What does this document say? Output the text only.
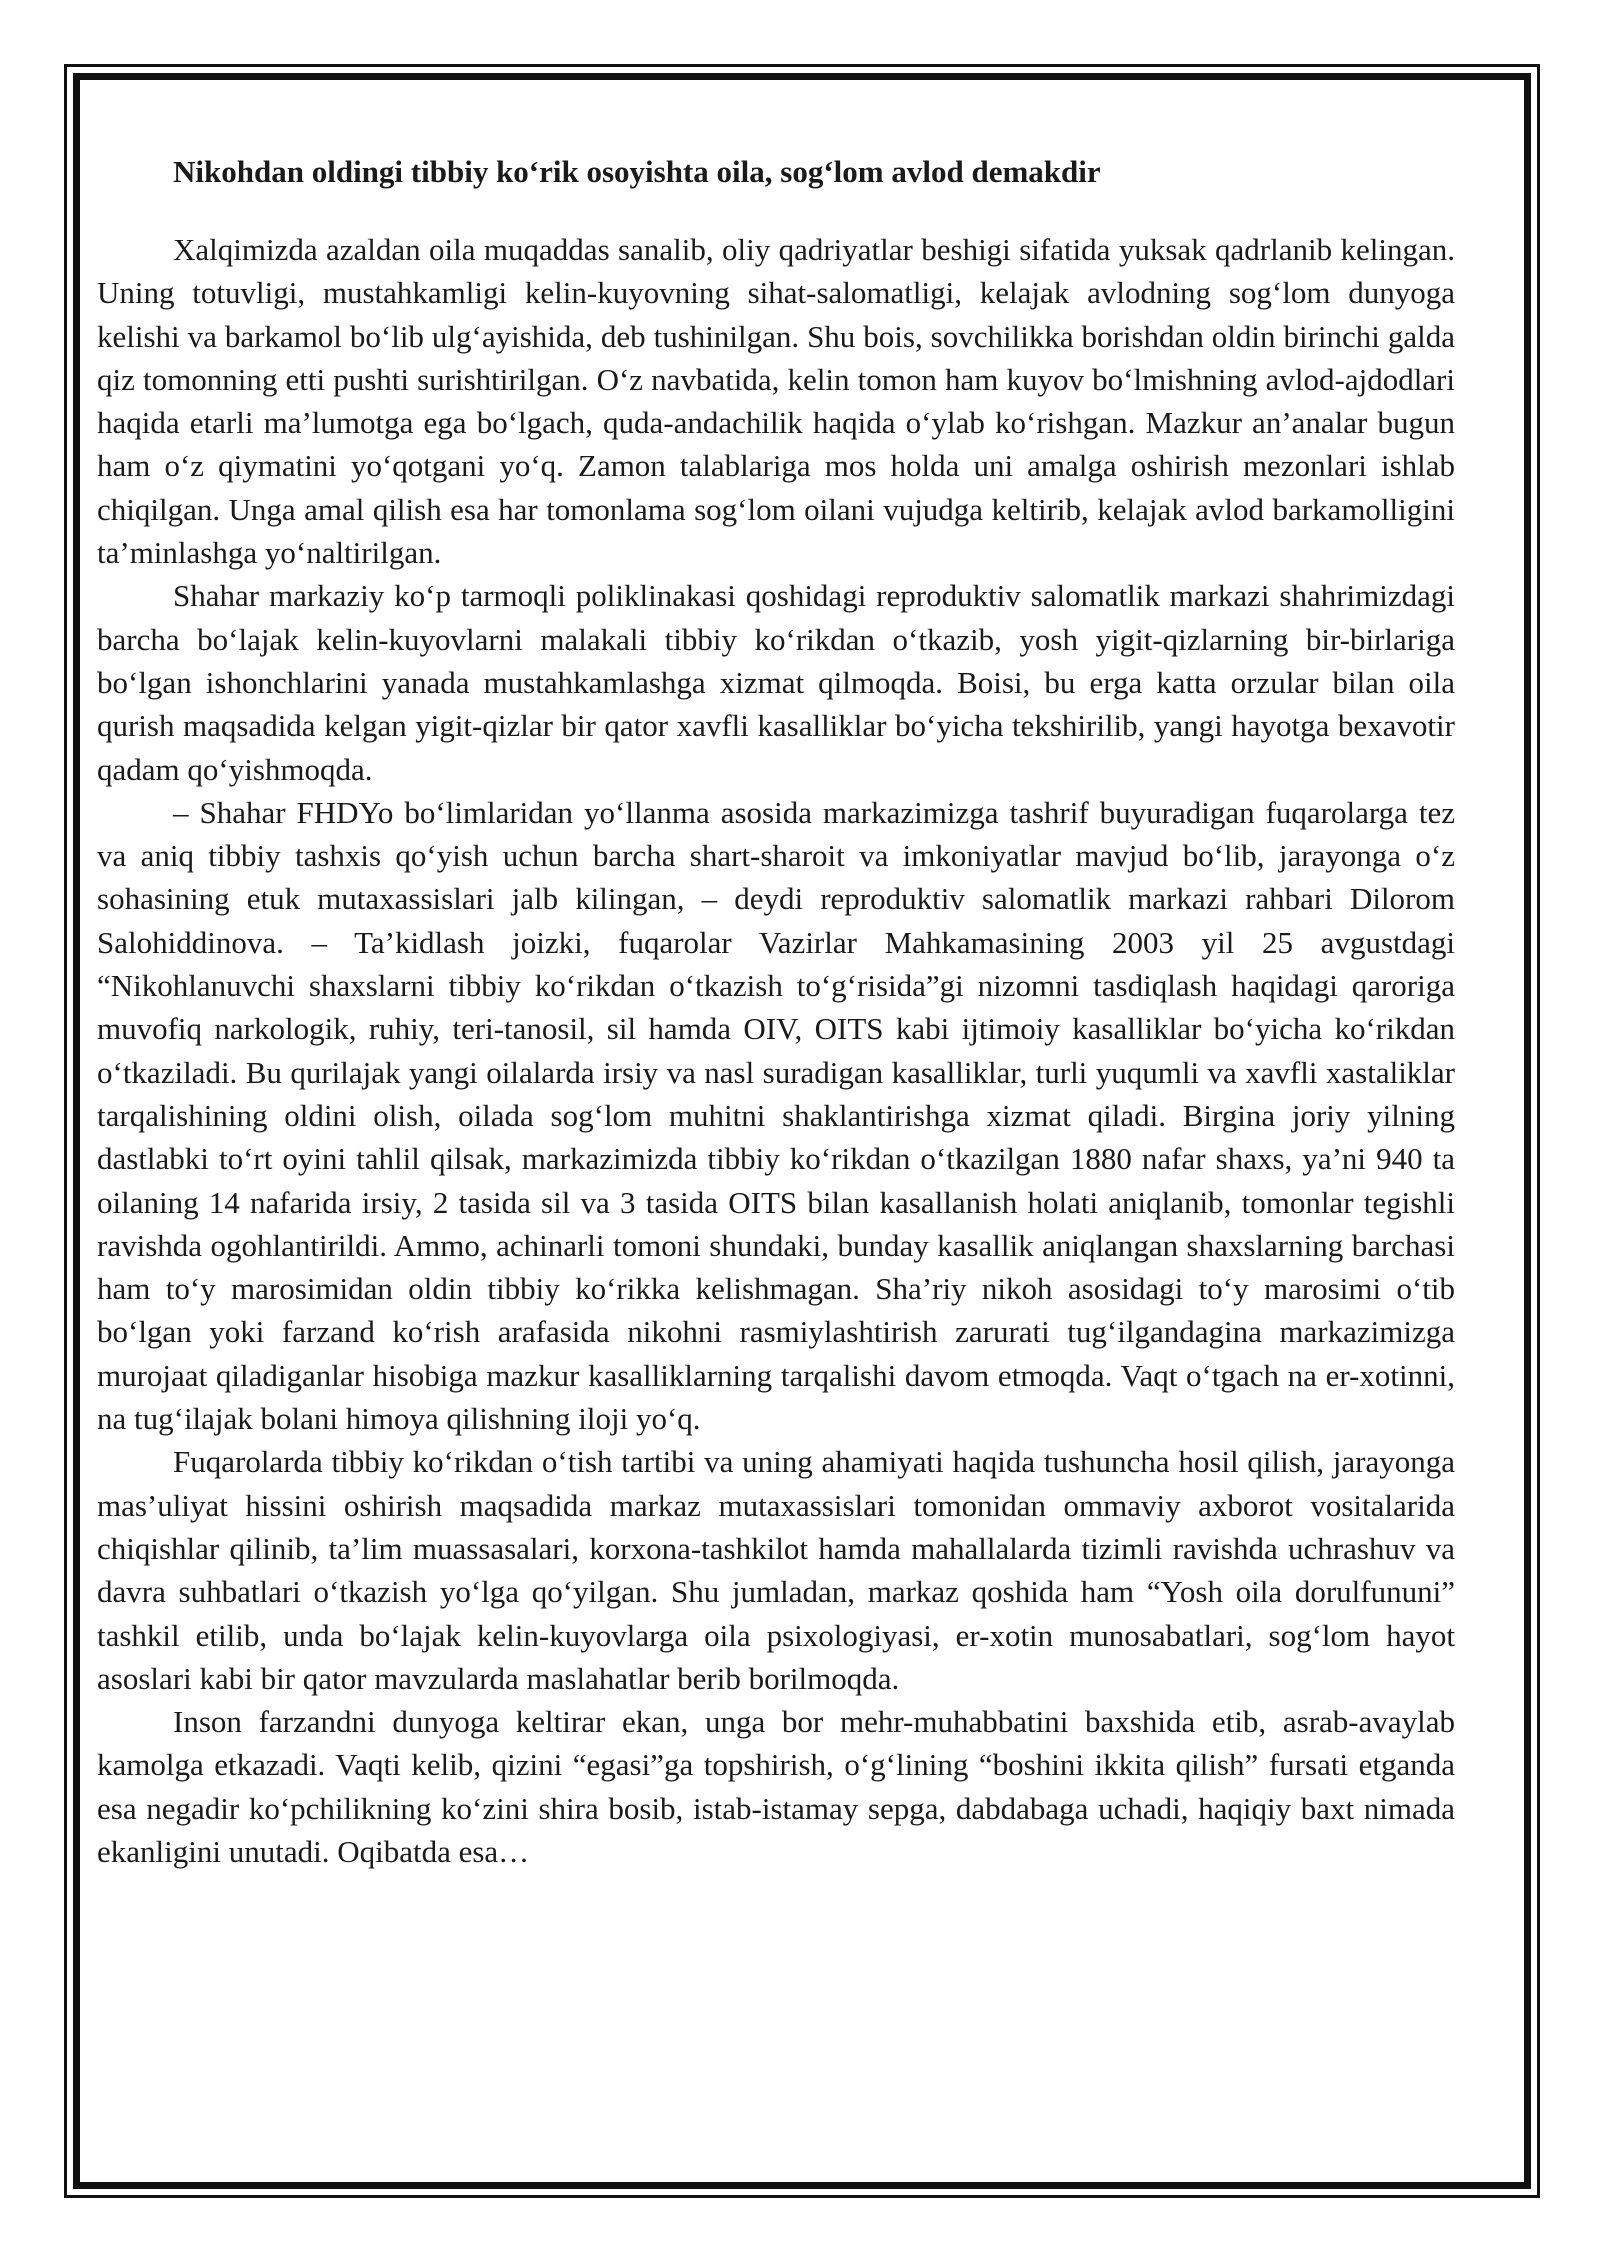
Nikohdan oldingi tibbiy ko‘rik osoyishta oila, sog‘lom avlod demakdir

Xalqimizda azaldan oila muqaddas sanalib, oliy qadriyatlar beshigi sifatida yuksak qadrlanib kelingan. Uning totuvligi, mustahkamligi kelin-kuyovning sihat-salomatligi, kelajak avlodning sog‘lom dunyoga kelishi va barkamol bo‘lib ulg‘ayishida, deb tushinilgan. Shu bois, sovchilikka borishdan oldin birinchi galda qiz tomonning etti pushti surishtirilgan. O‘z navbatida, kelin tomon ham kuyov bo‘lmishning avlod-ajdodlari haqida etarli ma’lumotga ega bo‘lgach, quda-andachilik haqida o‘ylab ko‘rishgan. Mazkur an’analar bugun ham o‘z qiymatini yo‘qotgani yo‘q. Zamon talablariga mos holda uni amalga oshirish mezonlari ishlab chiqilgan. Unga amal qilish esa har tomonlama sog‘lom oilani vujudga keltirib, kelajak avlod barkamolligini ta’minlashga yo‘naltirilgan.

Shahar markaziy ko‘p tarmoqli poliklinakasi qoshidagi reproduktiv salomatlik markazi shahrimizdagi barcha bo‘lajak kelin-kuyovlarni malakali tibbiy ko‘rikdan o‘tkazib, yosh yigit-qizlarning bir-birlariga bo‘lgan ishonchlarini yanada mustahkamlashga xizmat qilmoqda. Boisi, bu erga katta orzular bilan oila qurish maqsadida kelgan yigit-qizlar bir qator xavfli kasalliklar bo‘yicha tekshirilib, yangi hayotga bexavotir qadam qo‘yishmoqda.

– Shahar FHDYo bo‘limlaridan yo‘llanma asosida markazimizga tashrif buyuradigan fuqarolarga tez va aniq tibbiy tashxis qo‘yish uchun barcha shart-sharoit va imkoniyatlar mavjud bo‘lib, jarayonga o‘z sohasining etuk mutaxassislari jalb kilingan, – deydi reproduktiv salomatlik markazi rahbari Dilorom Salohiddinova. – Ta’kidlash joizki, fuqarolar Vazirlar Mahkamasining 2003 yil 25 avgustdagi “Nikohlanuvchi shaxslarni tibbiy ko‘rikdan o‘tkazish to‘g‘risida”gi nizomni tasdiqlash haqidagi qaroriga muvofiq narkologik, ruhiy, teri-tanosil, sil hamda OIV, OITS kabi ijtimoiy kasalliklar bo‘yicha ko‘rikdan o‘tkaziladi. Bu qurilajak yangi oilalarda irsiy va nasl suradigan kasalliklar, turli yuqumli va xavfli xastaliklar tarqalishining oldini olish, oilada sog‘lom muhitni shaklantirishga xizmat qiladi. Birgina joriy yilning dastlabki to‘rt oyini tahlil qilsak, markazimizda tibbiy ko‘rikdan o‘tkazilgan 1880 nafar shaxs, ya’ni 940 ta oilaning 14 nafarida irsiy, 2 tasida sil va 3 tasida OITS bilan kasallanish holati aniqlanib, tomonlar tegishli ravishda ogohlantirildi. Ammo, achinarli tomoni shundaki, bunday kasallik aniqlangan shaxslarning barchasi ham to‘y marosimidan oldin tibbiy ko‘rikka kelishmagan. Sha’riy nikoh asosidagi to‘y marosimi o‘tib bo‘lgan yoki farzand ko‘rish arafasida nikohni rasmiylashtirish zarurati tug‘ilgandagina markazimizga murojaat qiladiganlar hisobiga mazkur kasalliklarning tarqalishi davom etmoqda. Vaqt o‘tgach na er-xotinni, na tug‘ilajak bolani himoya qilishning iloji yo‘q.

Fuqarolarda tibbiy ko‘rikdan o‘tish tartibi va uning ahamiyati haqida tushuncha hosil qilish, jarayonga mas’uliyat hissini oshirish maqsadida markaz mutaxassislari tomonidan ommaviy axborot vositalarida chiqishlar qilinib, ta’lim muassasalari, korxona-tashkilot hamda mahallalarda tizimli ravishda uchrashuv va davra suhbatlari o‘tkazish yo‘lga qo‘yilgan. Shu jumladan, markaz qoshida ham “Yosh oila dorulfununi” tashkil etilib, unda bo‘lajak kelin-kuyovlarga oila psixologiyasi, er-xotin munosabatlari, sog‘lom hayot asoslari kabi bir qator mavzularda maslahatlar berib borilmoqda.

Inson farzandni dunyoga keltirar ekan, unga bor mehr-muhabbatini baxshida etib, asrab-avaylab kamolga etkazadi. Vaqti kelib, qizini “egasi”ga topshirish, o‘g‘lining “boshini ikkita qilish” fursati etganda esa negadir ko‘pchilikning ko‘zini shira bosib, istab-istamay sepga, dabdabaga uchadi, haqiqiy baxt nimada ekanligini unutadi. Oqibatda esa…
